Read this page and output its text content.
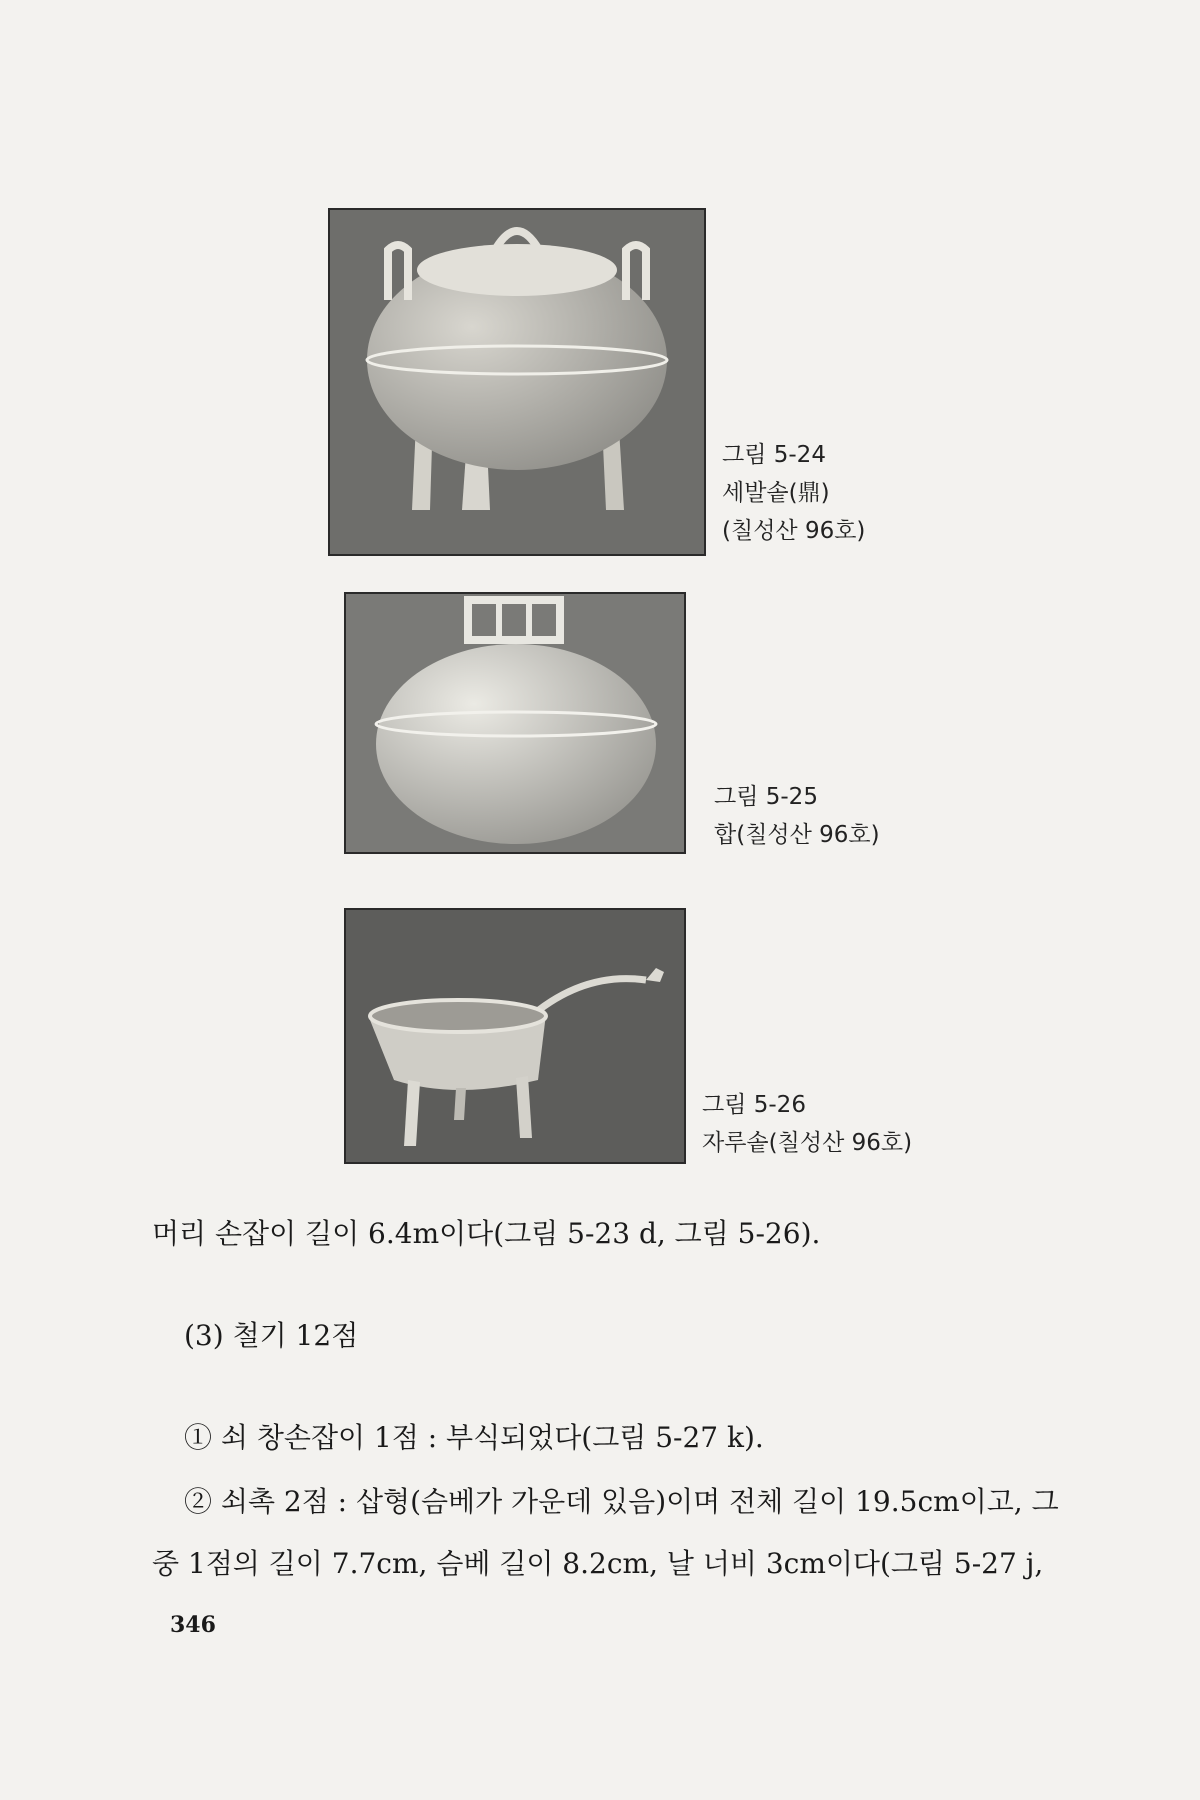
그림 5-24
세발솥(鼎)
(칠성산 96호)
그림 5-25
합(칠성산 96호)
그림 5-26
자루솥(칠성산 96호)
머리 손잡이 길이 6.4m이다(그림 5-23 d, 그림 5-26).
(3) 철기 12점
① 쇠 창손잡이 1점 : 부식되었다(그림 5-27 k).
② 쇠촉 2점 : 삽형(슴베가 가운데 있음)이며 전체 길이 19.5cm이고, 그
중 1점의 길이 7.7cm, 슴베 길이 8.2cm, 날 너비 3cm이다(그림 5-27 j,
346
